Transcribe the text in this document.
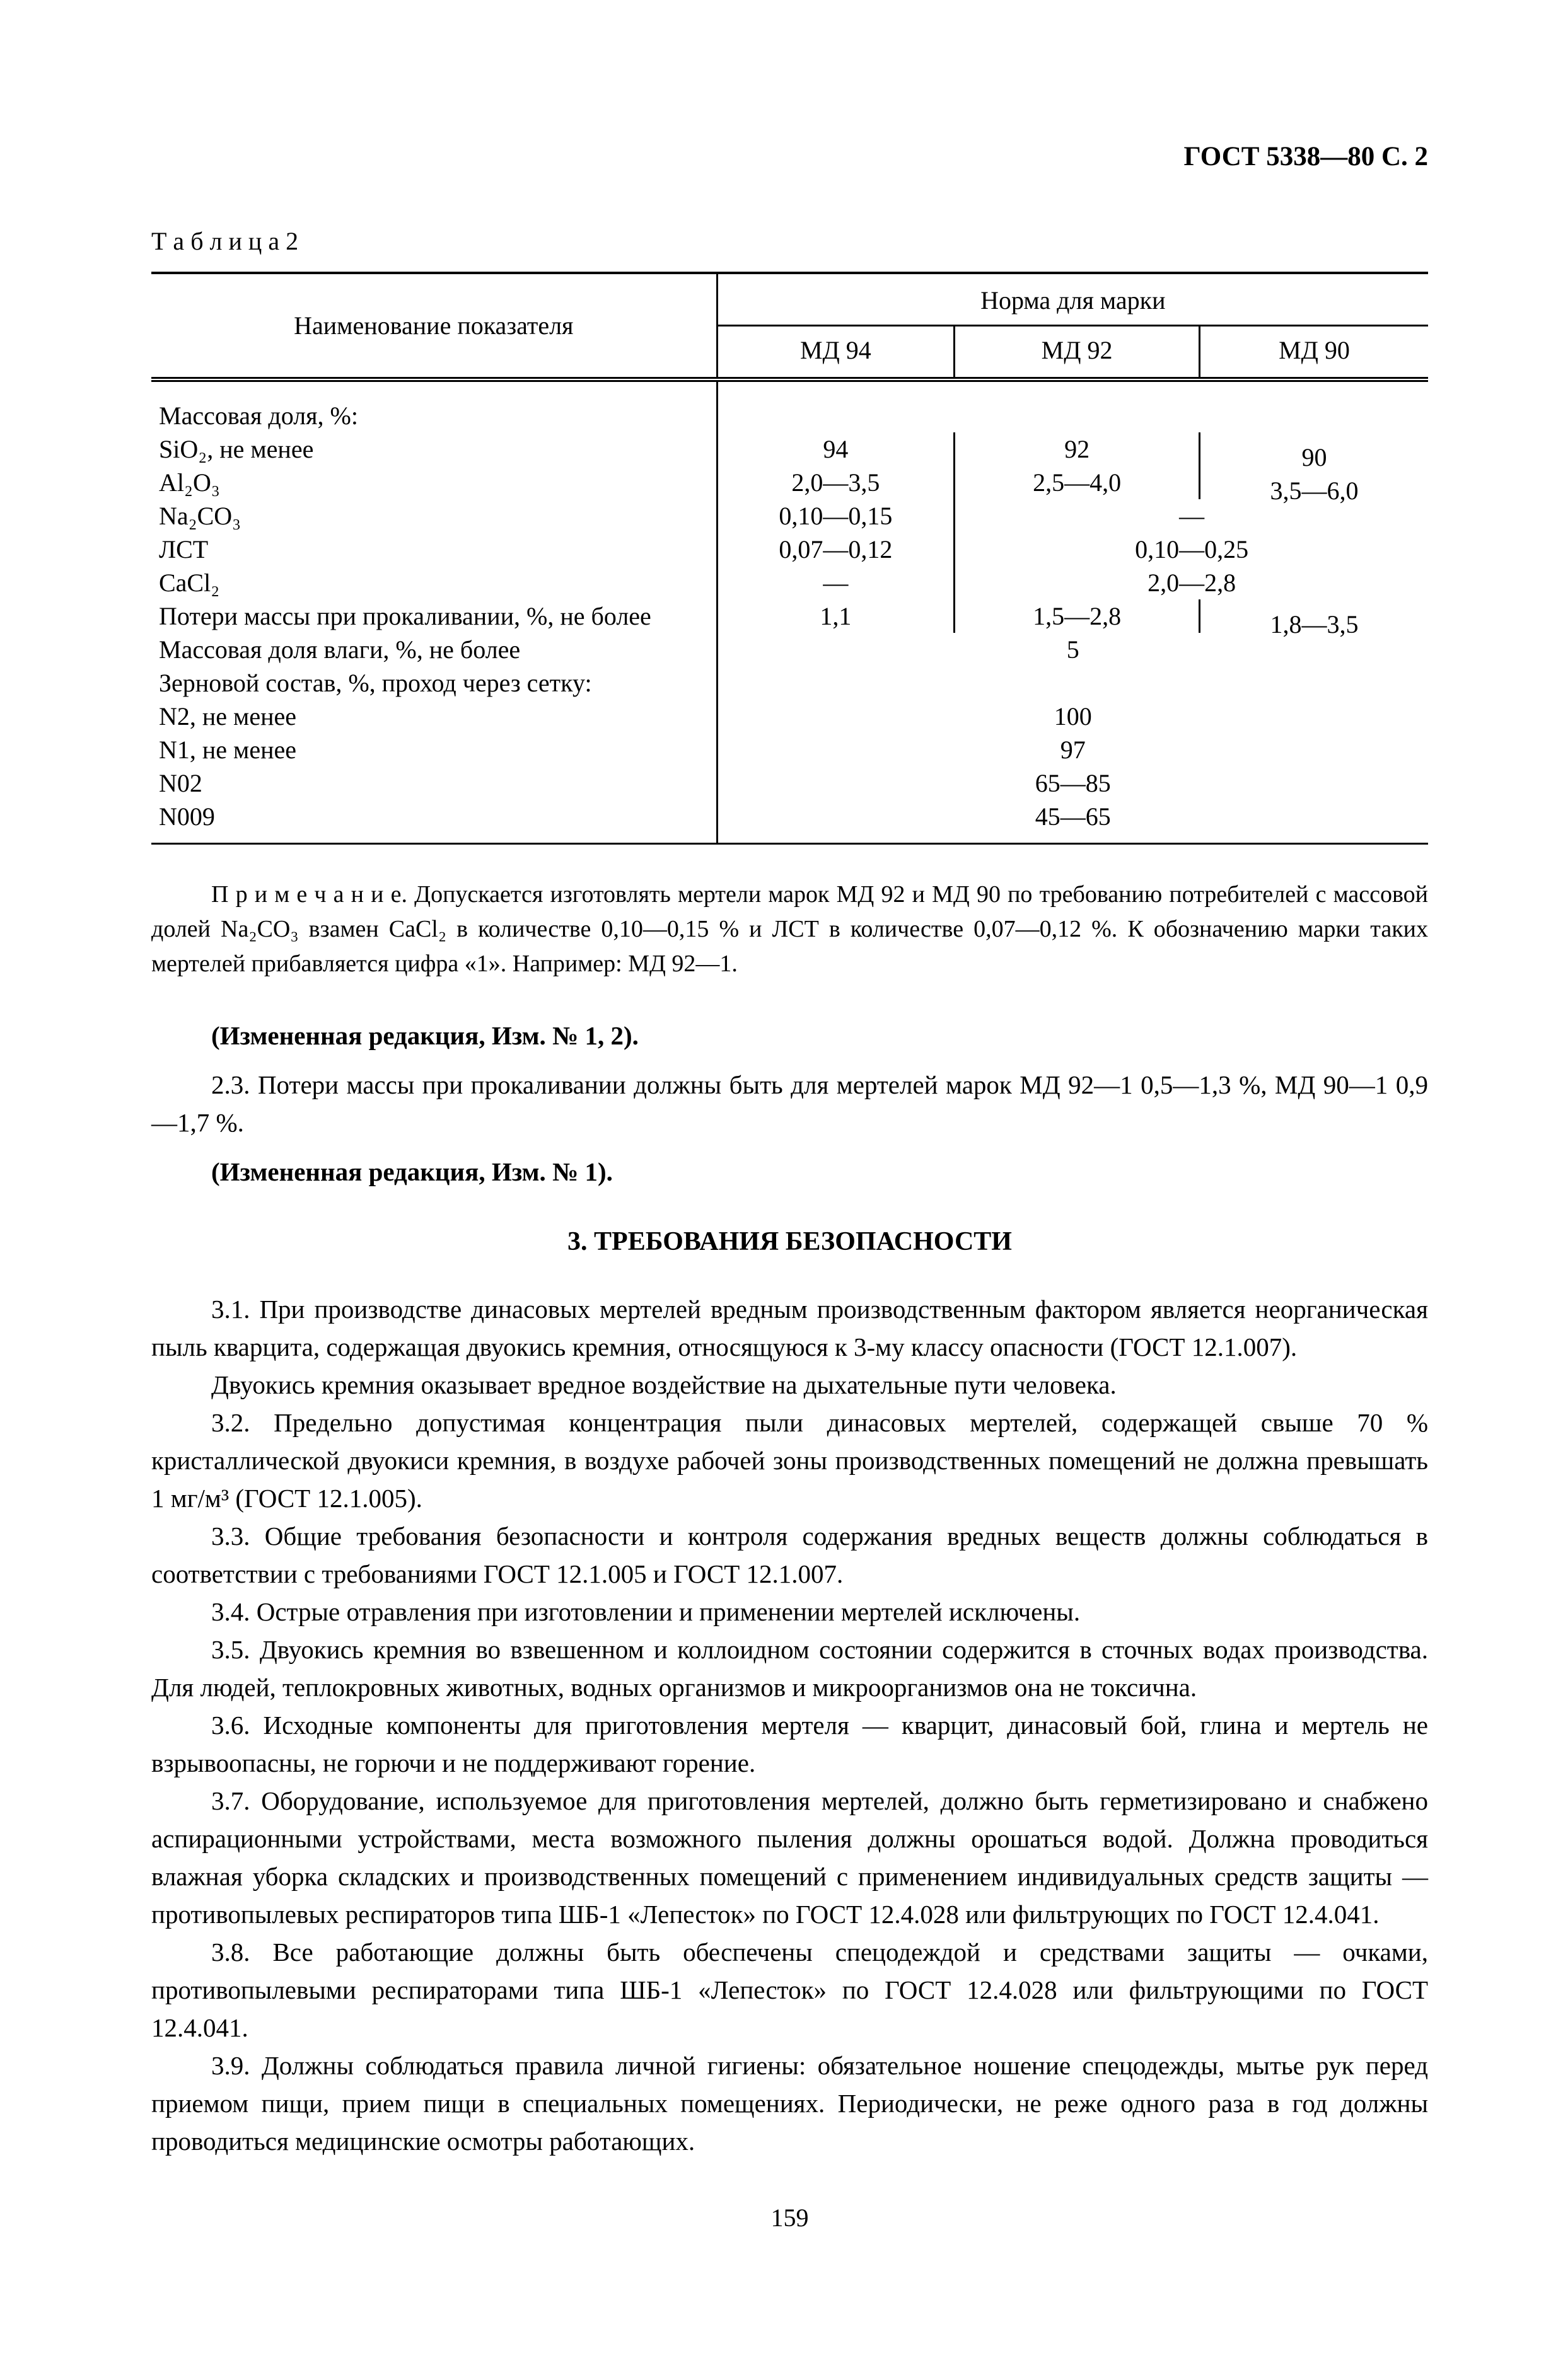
ГОСТ 5338—80 С. 2
Т а б л и ц а 2
Наименование показателя	Норма для марки		
	МД 94	МД 92	МД 90
Массовая доля, %:			
SiO₂, не менее	94	92	90
Al₂O₃	2,0—3,5	2,5—4,0	3,5—6,0
Na₂CO₃	0,10—0,15	—	
ЛСТ	0,07—0,12	0,10—0,25	
CaCl₂	—	2,0—2,8	
Потери массы при прокаливании, %, не более	1,1	1,5—2,8	1,8—3,5
Массовая доля влаги, %, не более	5		
Зерновой состав, %, проход через сетку:			
N2, не менее	100		
N1, не менее	97		
N02	65—85		
N009	45—65		

П р и м е ч а н и е. Допускается изготовлять мертели марок МД 92 и МД 90 по требованию потребителей с массовой долей Na₂CO₃ взамен CaCl₂ в количестве 0,10—0,15 % и ЛСТ в количестве 0,07—0,12 %. К обозначению марки таких мертелей прибавляется цифра «1». Например: МД 92—1.

(Измененная редакция, Изм. № 1, 2).

2.3. Потери массы при прокаливании должны быть для мертелей марок МД 92—1 0,5—1,3 %, МД 90—1 0,9—1,7 %.

(Измененная редакция, Изм. № 1).

3. ТРЕБОВАНИЯ БЕЗОПАСНОСТИ

3.1. При производстве динасовых мертелей вредным производственным фактором является неорганическая пыль кварцита, содержащая двуокись кремния, относящуюся к 3-му классу опасности (ГОСТ 12.1.007).

Двуокись кремния оказывает вредное воздействие на дыхательные пути человека.

3.2. Предельно допустимая концентрация пыли динасовых мертелей, содержащей свыше 70 % кристаллической двуокиси кремния, в воздухе рабочей зоны производственных помещений не должна превышать 1 мг/м³ (ГОСТ 12.1.005).

3.3. Общие требования безопасности и контроля содержания вредных веществ должны соблюдаться в соответствии с требованиями ГОСТ 12.1.005 и ГОСТ 12.1.007.

3.4. Острые отравления при изготовлении и применении мертелей исключены.

3.5. Двуокись кремния во взвешенном и коллоидном состоянии содержится в сточных водах производства. Для людей, теплокровных животных, водных организмов и микроорганизмов она не токсична.

3.6. Исходные компоненты для приготовления мертеля — кварцит, динасовый бой, глина и мертель не взрывоопасны, не горючи и не поддерживают горение.

3.7. Оборудование, используемое для приготовления мертелей, должно быть герметизировано и снабжено аспирационными устройствами, места возможного пыления должны орошаться водой. Должна проводиться влажная уборка складских и производственных помещений с применением индивидуальных средств защиты — противопылевых респираторов типа ШБ-1 «Лепесток» по ГОСТ 12.4.028 или фильтрующих по ГОСТ 12.4.041.

3.8. Все работающие должны быть обеспечены спецодеждой и средствами защиты — очками, противопылевыми респираторами типа ШБ-1 «Лепесток» по ГОСТ 12.4.028 или фильтрующими по ГОСТ 12.4.041.

3.9. Должны соблюдаться правила личной гигиены: обязательное ношение спецодежды, мытье рук перед приемом пищи, прием пищи в специальных помещениях. Периодически, не реже одного раза в год должны проводиться медицинские осмотры работающих.

159
